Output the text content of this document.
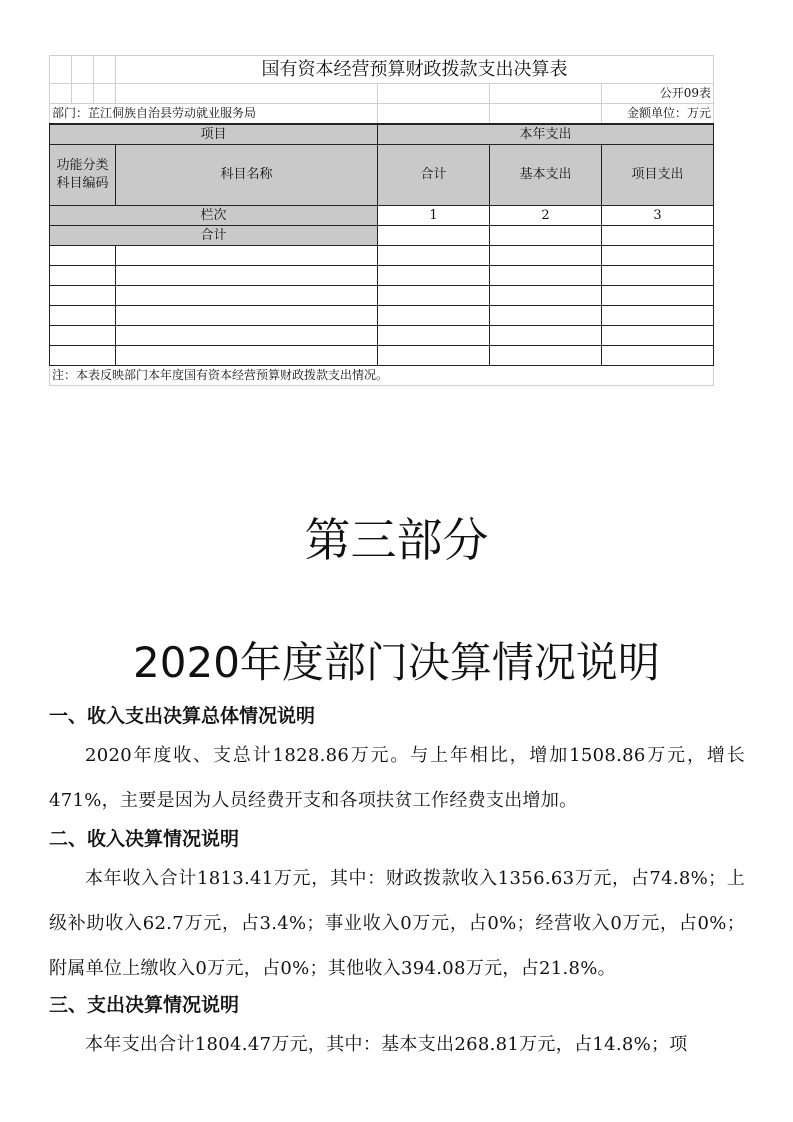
			国有资本经营预算财政拨款支出决算表			
						公开09表
部门：芷江侗族自治县劳动就业服务局						金额单位：万元
项目				本年支出		
功能分类
科目编码			科目名称	合计	基本支出	项目支出
栏次				1	2	3
合计						

注：本表反映部门本年度国有资本经营预算财政拨款支出情况。						
第三部分
2020年度部门决算情况说明
一、收入支出决算总体情况说明
2020年度收、支总计1828.86万元。与上年相比，增加1508.86万元，增长471%，主要是因为人员经费开支和各项扶贫工作经费支出增加。
二、收入决算情况说明
本年收入合计1813.41万元，其中：财政拨款收入1356.63万元，占74.8%；上级补助收入62.7万元，占3.4%；事业收入0万元，占0%；经营收入0万元，占0%；附属单位上缴收入0万元，占0%；其他收入394.08万元，占21.8%。
三、支出决算情况说明
本年支出合计1804.47万元，其中：基本支出268.81万元，占14.8%；项
